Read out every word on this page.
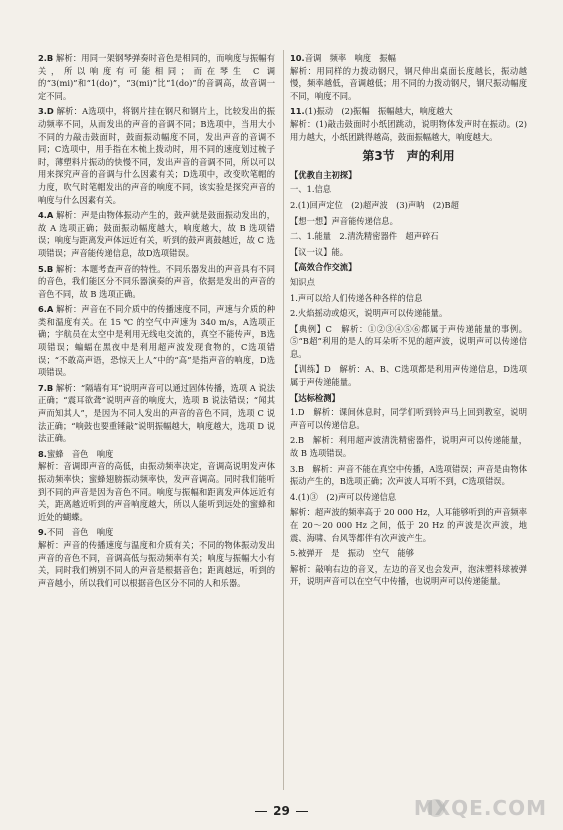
2.B 解析：用同一架钢琴弹奏时音色是相同的，而响度与振幅有关，所以响度有可能相同；而在琴生 C 调的“3(mi)”和“1(do)”，“3(mi)”比“1(do)”的音调高，故音调一定不同。
3.D 解析：A选项中，将钢片挂在钢尺和钢片上，比较发出的振动频率不同，从而发出的声音的音调不同；B选项中，当用大小不同的力敲击鼓面时，鼓面振动幅度不同，发出声音的音调不同；C选项中，用手指在木梳上拨动时，用不同的速度划过梳子时，薄塑料片振动的快慢不同，发出声音的音调不同，所以可以用来探究声音的音调与什么因素有关；D选项中，改变吹笔帽的力度，吹气时笔帽发出的声音的响度不同，该实验是探究声音的响度与什么因素有关。
4.A 解析：声是由物体振动产生的，鼓声就是鼓面振动发出的，故 A 选项正确；鼓面振动幅度越大，响度越大，故 B 选项错误；响度与距离发声体远近有关，听到的鼓声离鼓越近，故 C 选项错误；声音能传递信息，故D选项错误。
5.B 解析：本题考查声音的特性。不同乐器发出的声音具有不同的音色，我们能区分不同乐器演奏的声音，依据是发出的声音的音色不同，故 B 选项正确。
6.A 解析：声音在不同介质中的传播速度不同，声速与介质的种类和温度有关。在 15 ℃ 的空气中声速为 340 m/s，A选项正确；宇航员在太空中是利用无线电交流的，真空不能传声，B选项错误；蝙蝠在黑夜中是利用超声波发现食物的，C选项错误；“不敢高声语，恐惊天上人”中的“高”是指声音的响度，D选项错误。
7.B 解析：“隔墙有耳”说明声音可以通过固体传播，选项 A 说法正确；“震耳欲聋”说明声音的响度大，选项 B 说法错误；“闻其声而知其人”，是因为不同人发出的声音的音色不同，选项 C 说法正确；“响鼓也要重锤敲”说明振幅越大，响度越大，选项 D 说法正确。
8.蜜蜂　音色　响度
解析：音调即声音的高低，由振动频率决定，音调高说明发声体振动频率快；蜜蜂翅膀振动频率快，发声音调高。同时我们能听到不同的声音是因为音色不同。响度与振幅和距离发声体远近有关，距离越近听到的声音响度越大，所以人能听到远处的蜜蜂和近处的蝴蝶。
9.不同　音色　响度
解析：声音的传播速度与温度和介质有关；不同的物体振动发出声音的音色不同，音调高低与振动频率有关；响度与振幅大小有关，同时我们辨别不同人的声音是根据音色；距离越远，听到的声音越小，所以我们可以根据音色区分不同的人和乐器。
10.音调　频率　响度　振幅
解析：用同样的力拨动钢尺，钢尺伸出桌面长度越长，振动越慢，频率越低，音调越低；用不同的力拨动钢尺，钢尺振动幅度不同，响度不同。
11.(1)振动　(2)振幅　振幅越大，响度越大
解析：(1)敲击鼓面时小纸团跳动，说明物体发声时在振动。(2)用力越大，小纸团跳得越高，鼓面振幅越大，响度越大。
第3节　声的利用
【优教自主初探】
一、1.信息
2.(1)回声定位　(2)超声波　(3)声呐　(2)B超
【想一想】声音能传递信息。
二、1.能量　2.清洗精密器件　超声碎石
【议一议】能。
【高效合作交流】
知识点
1.声可以给人们传递各种各样的信息
2.火焰摇动或熄灭，说明声可以传递能量。
【典例】C　解析：①②③④⑤⑥都属于声传递能量的事例。⑤“B超”利用的是人的耳朵听不见的超声波，说明声可以传递信息。
【训练】D　解析：A、B、C选项都是利用声传递信息，D选项属于声传递能量。
【达标检测】
1.D　解析：课间休息时，同学们听到铃声马上回到教室，说明声音可以传递信息。
2.B　解析：利用超声波清洗精密器件，说明声可以传递能量，故 B 选项错误。
3.B　解析：声音不能在真空中传播，A选项错误；声音是由物体振动产生的，B选项正确；次声波人耳听不到，C选项错误。
4.(1)③　(2)声可以传递信息
解析：超声波的频率高于 20 000 Hz，人耳能够听到的声音频率在 20～20 000 Hz 之间，低于 20 Hz 的声波是次声波，地震、海啸、台风等都伴有次声波产生。
5.被弹开　是　振动　空气　能够
解析：敲响右边的音叉，左边的音叉也会发声，泡沫塑料球被弹开，说明声音可以在空气中传播，也说明声可以传递能量。
29	MXQE.COM
